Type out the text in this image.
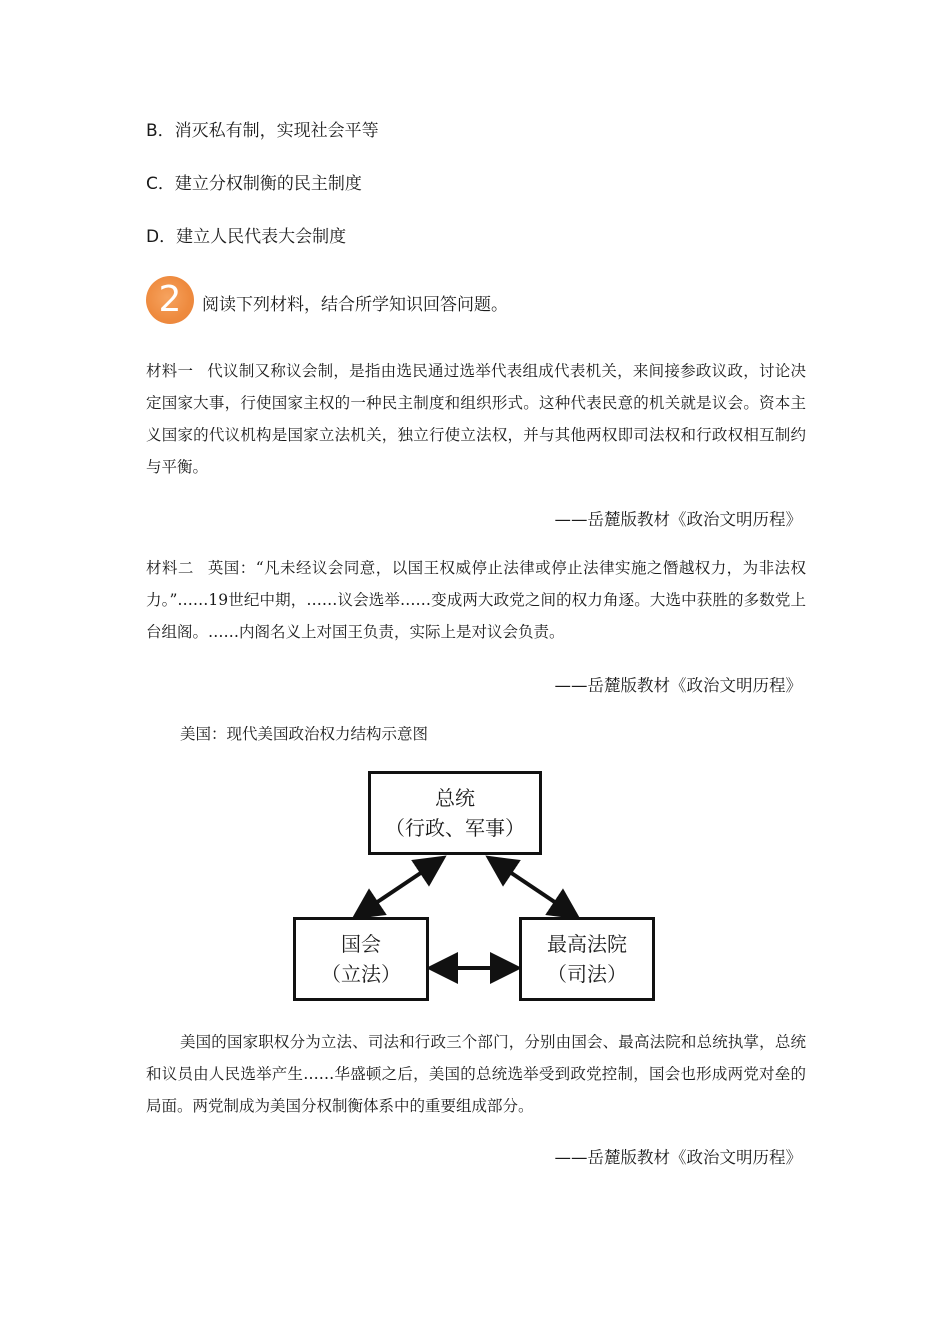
B．消灭私有制，实现社会平等
C．建立分权制衡的民主制度
D．建立人民代表大会制度
2	阅读下列材料，结合所学知识回答问题。
材料一 代议制又称议会制，是指由选民通过选举代表组成代表机关，来间接参政议政，讨论决定国家大事，行使国家主权的一种民主制度和组织形式。这种代表民意的机关就是议会。资本主义国家的代议机构是国家立法机关，独立行使立法权，并与其他两权即司法权和行政权相互制约与平衡。
——岳麓版教材《政治文明历程》
材料二 英国：“凡未经议会同意，以国王权威停止法律或停止法律实施之僭越权力，为非法权力。”……19世纪中期，……议会选举……变成两大政党之间的权力角逐。大选中获胜的多数党上台组阁。……内阁名义上对国王负责，实际上是对议会负责。
——岳麓版教材《政治文明历程》
美国：现代美国政治权力结构示意图
总统
（行政、军事）
国会
（立法）
最高法院
（司法）
美国的国家职权分为立法、司法和行政三个部门，分别由国会、最高法院和总统执掌，总统和议员由人民选举产生……华盛顿之后，美国的总统选举受到政党控制，国会也形成两党对垒的局面。两党制成为美国分权制衡体系中的重要组成部分。
——岳麓版教材《政治文明历程》
